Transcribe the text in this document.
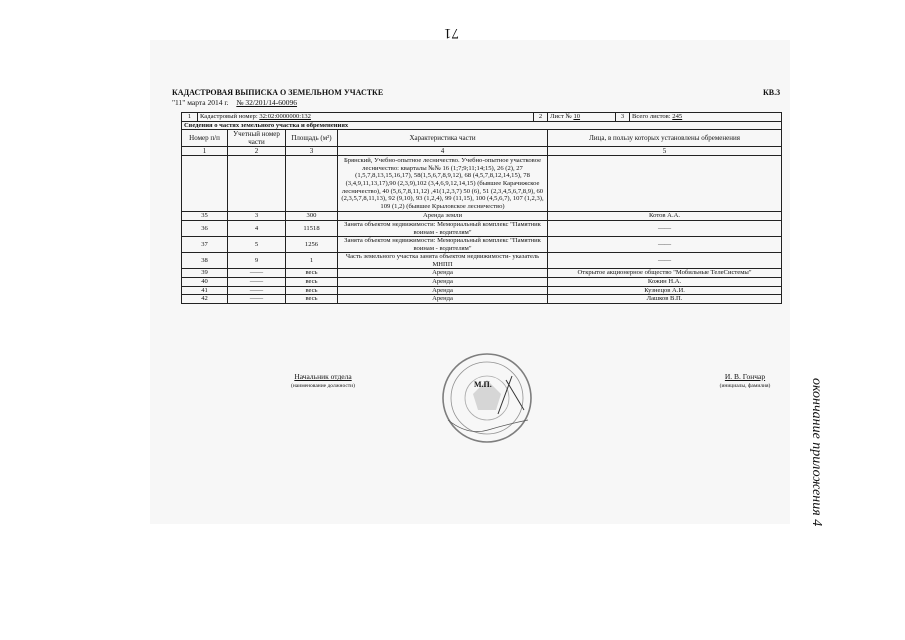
71
КАДАСТРОВАЯ ВЫПИСКА О ЗЕМЕЛЬНОМ УЧАСТКЕ	КВ.3
"11" марта 2014 г. № 32/201/14-60096
1	Кадастровый номер: 32:02:0000000:132				2	Лист № 10	3	Всего листов: 245
Сведения о частях земельного участка и обременениях								
Номер п/п		Учетный номер части	Площадь (м²)	Характеристика части		Лица, в пользу которых установлены обременения		
1		2	3	4		5		
				Брянский, Учебно-опытное лесничество. Учебно-опытное участковое лесничество: кварталы №№ 16 (1;7;9;11;14;15), 26 (2), 27 (1,5,7,8,13,15,16,17), 58(1,5,6,7,8,9,12), 68 (4,5,7,8,12,14,15), 78 (3,4,9,11,13,17),90 (2,3,9),102 (3,4,6,9,12,14,15) (бывшее Карачижское лесничество), 40 (5,6,7,8,11,12) ,41(1,2,3,7) 50 (6), 51 (2,3,4,5,6,7,8,9), 60 (2,3,5,7,8,11,13), 92 (9,10), 93 (1,2,4), 99 (11,15), 100 (4,5,6,7), 107 (1,2,3), 109 (1,2) (бывшее Крыловское лесничество)				
35		3	300	Аренда земли		Котов А.А.		
36		4	11518	Занята объектом недвижимости: Мемориальный комплекс "Памятник воинам - водителям"		——		
37		5	1256	Занята объектом недвижимости: Мемориальный комплекс "Памятник воинам - водителям"		——		
38		9	1	Часть земельного участка занята объектом недвижимости- указатель МНПП		——		
39		——	весь	Аренда		Открытое акционерное общество "Мобильные ТелеСистемы"		
40		——	весь	Аренда		Кожин Н.А.		
41		——	весь	Аренда		Кузнецов А.И.		
42		——	весь	Аренда		Лашков В.П.		
Начальник отдела
(наименование должности)	М.П.
И. В. Гончар
(инициалы, фамилия)	окончание приложения 4
